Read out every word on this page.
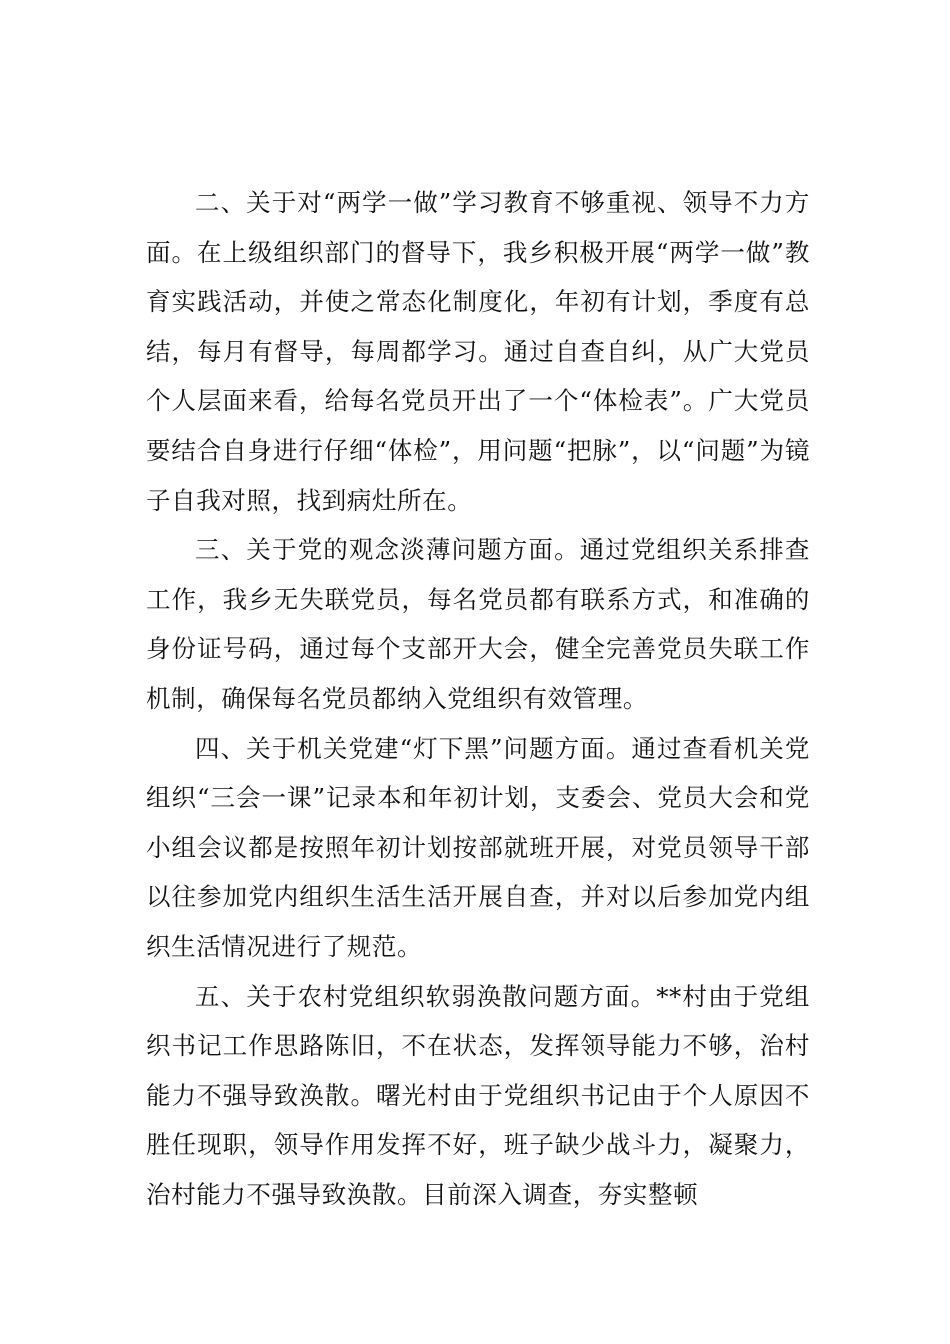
二、关于对“两学一做”学习教育不够重视、领导不力方面。在上级组织部门的督导下，我乡积极开展“两学一做”教育实践活动，并使之常态化制度化，年初有计划，季度有总结，每月有督导，每周都学习。通过自查自纠，从广大党员个人层面来看，给每名党员开出了一个“体检表”。广大党员要结合自身进行仔细“体检”，用问题“把脉”，以“问题”为镜子自我对照，找到病灶所在。

三、关于党的观念淡薄问题方面。通过党组织关系排查工作，我乡无失联党员，每名党员都有联系方式，和准确的身份证号码，通过每个支部开大会，健全完善党员失联工作机制，确保每名党员都纳入党组织有效管理。

四、关于机关党建“灯下黑”问题方面。通过查看机关党组织“三会一课”记录本和年初计划，支委会、党员大会和党小组会议都是按照年初计划按部就班开展，对党员领导干部以往参加党内组织生活生活开展自查，并对以后参加党内组织生活情况进行了规范。

五、关于农村党组织软弱涣散问题方面。**村由于党组织书记工作思路陈旧，不在状态，发挥领导能力不够，治村能力不强导致涣散。曙光村由于党组织书记由于个人原因不胜任现职，领导作用发挥不好，班子缺少战斗力，凝聚力，治村能力不强导致涣散。目前深入调查，夯实整顿
